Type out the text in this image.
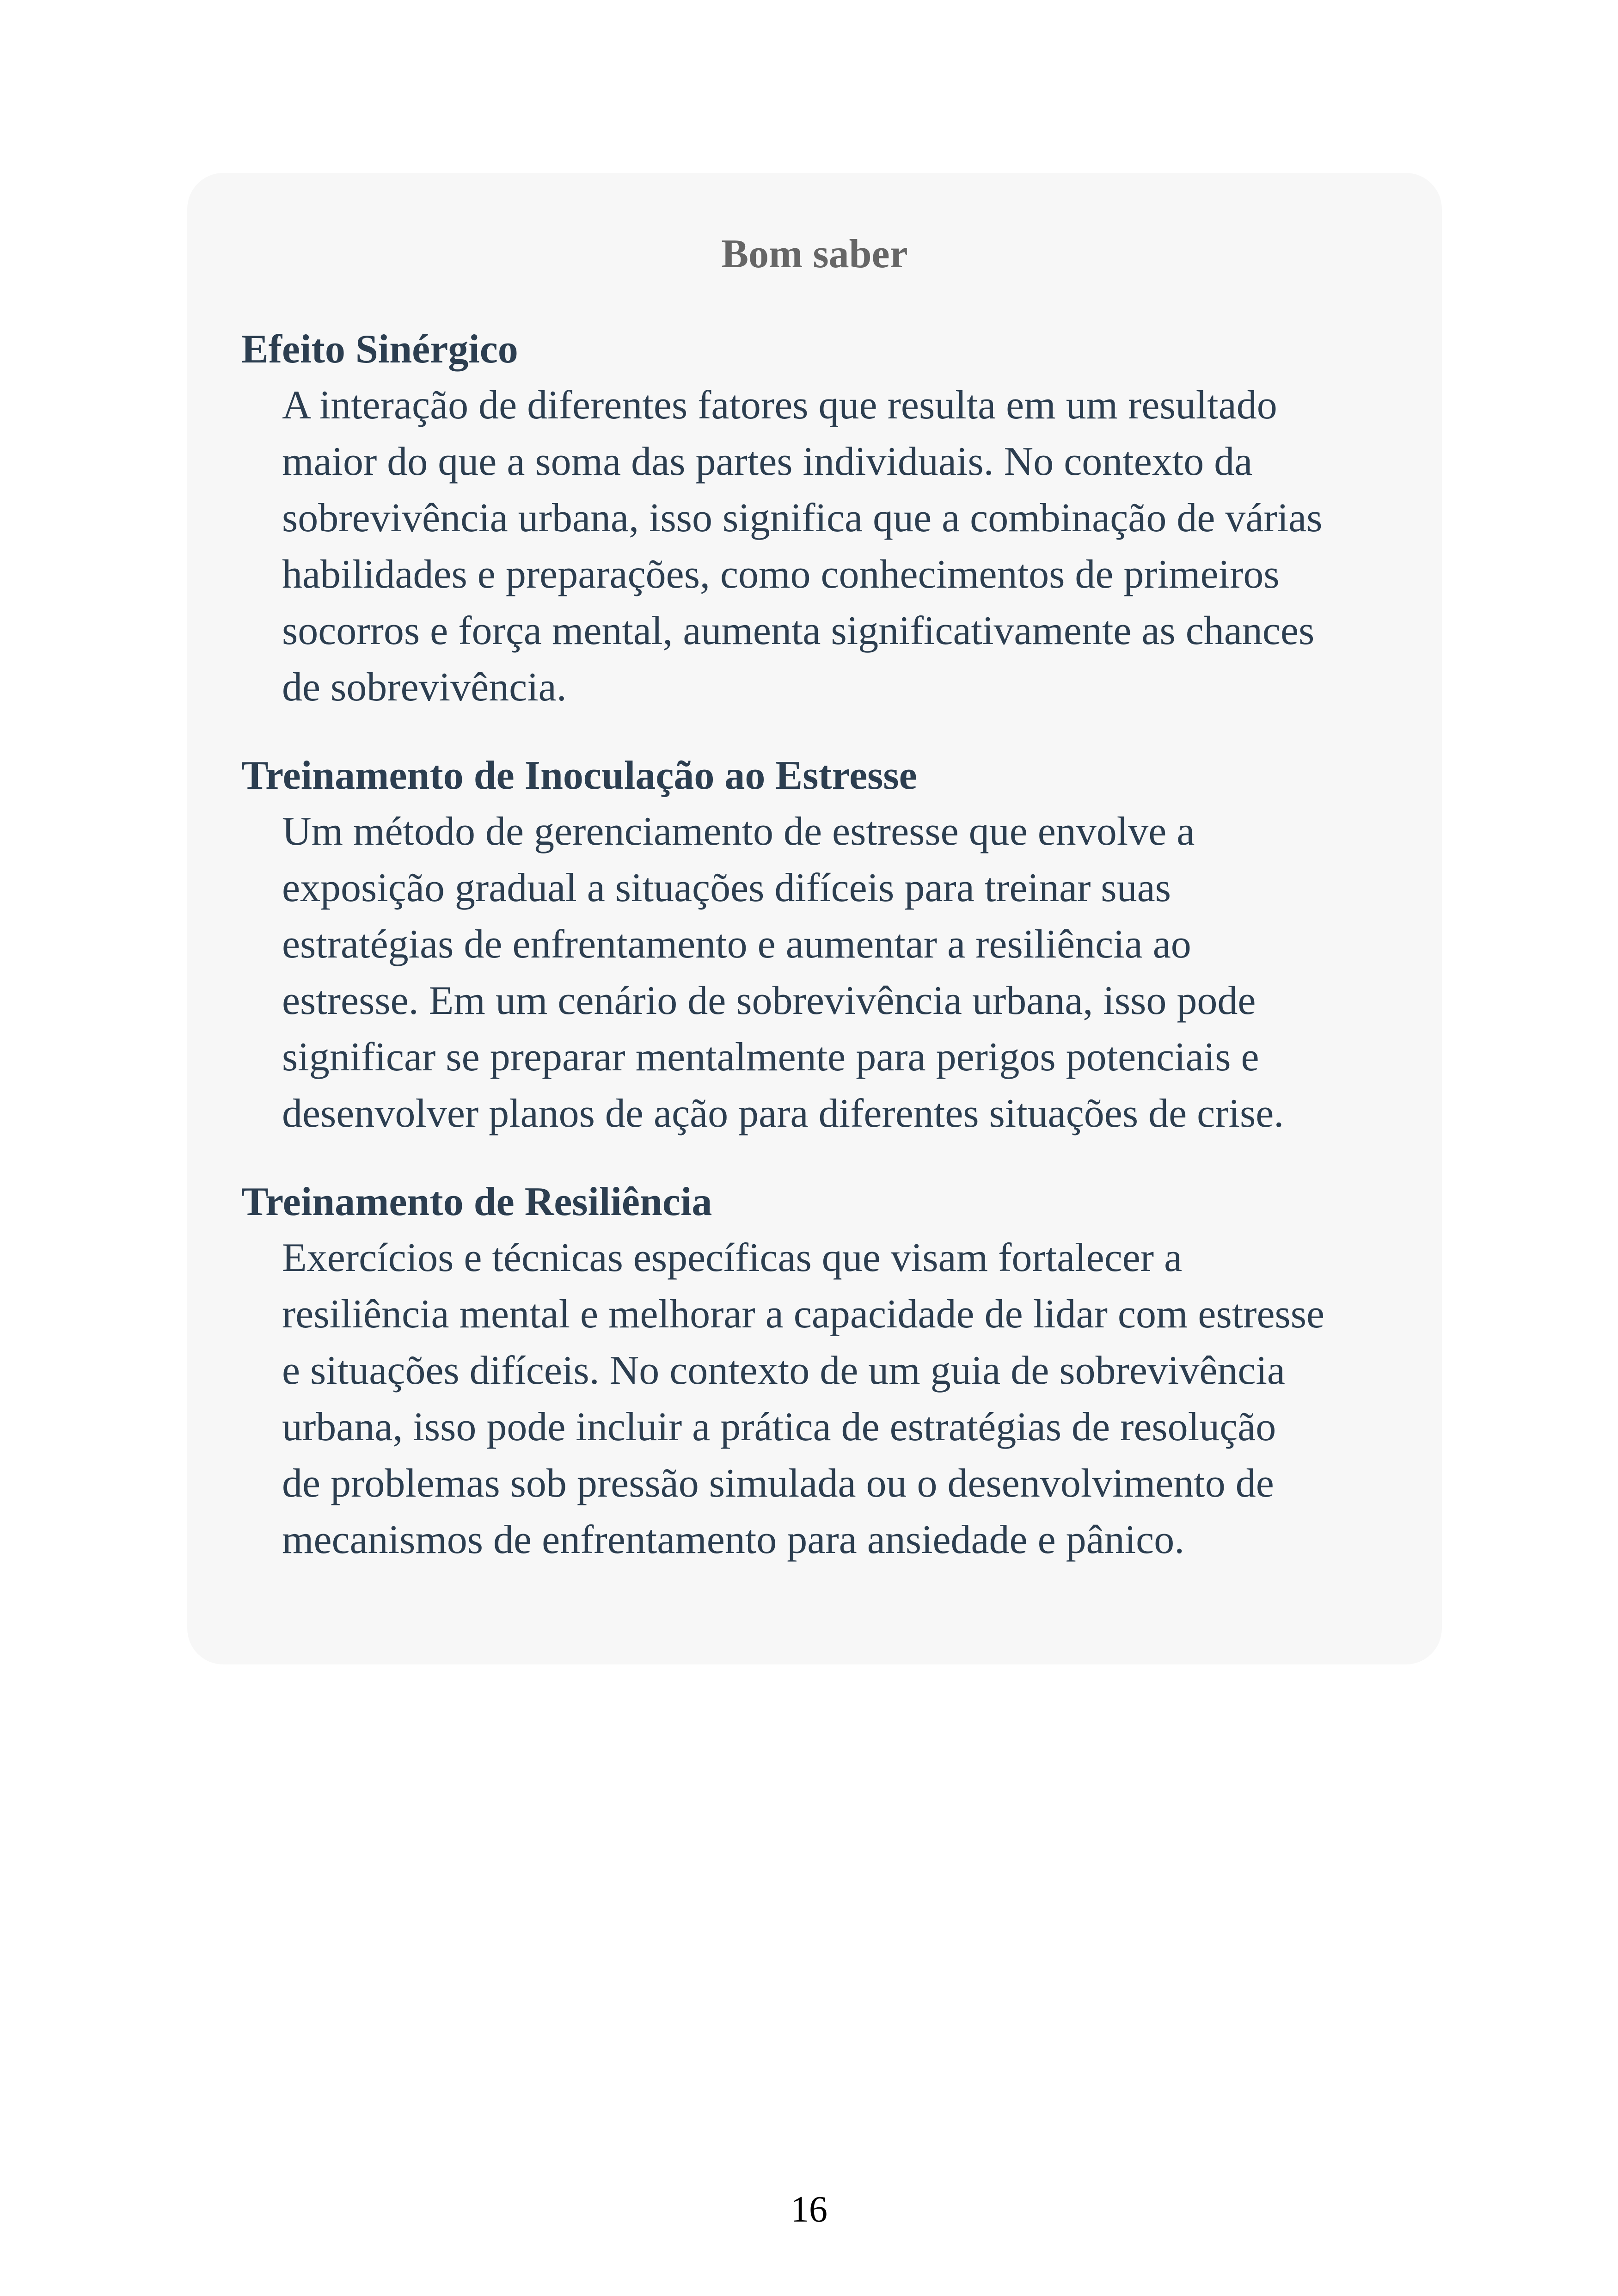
Bom saber
Efeito Sinérgico
A interação de diferentes fatores que resulta em um resultado
maior do que a soma das partes individuais. No contexto da
sobrevivência urbana, isso significa que a combinação de várias
habilidades e preparações, como conhecimentos de primeiros
socorros e força mental, aumenta significativamente as chances
de sobrevivência.
Treinamento de Inoculação ao Estresse
Um método de gerenciamento de estresse que envolve a
exposição gradual a situações difíceis para treinar suas
estratégias de enfrentamento e aumentar a resiliência ao
estresse. Em um cenário de sobrevivência urbana, isso pode
significar se preparar mentalmente para perigos potenciais e
desenvolver planos de ação para diferentes situações de crise.
Treinamento de Resiliência
Exercícios e técnicas específicas que visam fortalecer a
resiliência mental e melhorar a capacidade de lidar com estresse
e situações difíceis. No contexto de um guia de sobrevivência
urbana, isso pode incluir a prática de estratégias de resolução
de problemas sob pressão simulada ou o desenvolvimento de
mecanismos de enfrentamento para ansiedade e pânico.
16
